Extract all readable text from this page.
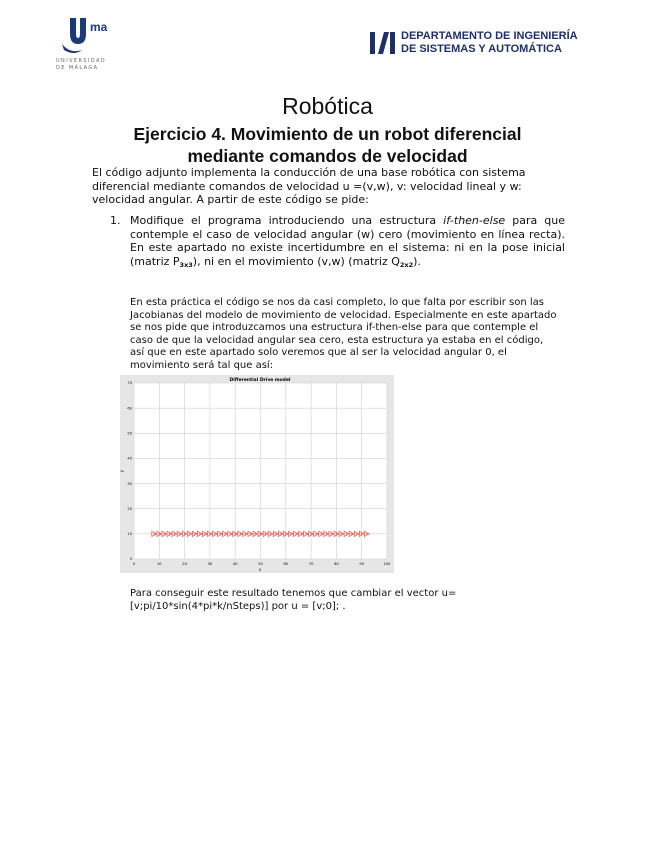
ma
UNIVERSIDAD DE MÁLAGA
DEPARTAMENTO DE INGENIERÍA
DE SISTEMAS Y AUTOMÁTICA
Robótica
Ejercicio 4. Movimiento de un robot diferencial mediante comandos de velocidad
El código adjunto implementa la conducción de una base robótica con sistema diferencial mediante comandos de velocidad u =(v,w), v: velocidad lineal y w: velocidad angular. A partir de este código se pide:
1. Modifique el programa introduciendo una estructura if-then-else para que contemple el caso de velocidad angular (w) cero (movimiento en línea recta). En este apartado no existe incertidumbre en el sistema: ni en la pose inicial (matriz $P_{3x3}$), ni en el movimiento (v,w) (matriz $Q_{2x2}$).
En esta práctica el código se nos da casi completo, lo que falta por escribir son las Jacobianas del modelo de movimiento de velocidad. Especialmente en este apartado se nos pide que introduzcamos una estructura if-then-else para que contemple el caso de que la velocidad angular sea cero, esta estructura ya estaba en el código, así que en este apartado solo veremos que al ser la velocidad angular 0, el movimiento será tal que así:
0	10	20	30	40	50	60	70	80	90	100
0
10
20
30
40
50
60
70
Differential Drive model
x
y
Para conseguir este resultado tenemos que cambiar el vector u=[v;pi/10*sin(4*pi*k/nSteps)] por u = [v;0]; .
